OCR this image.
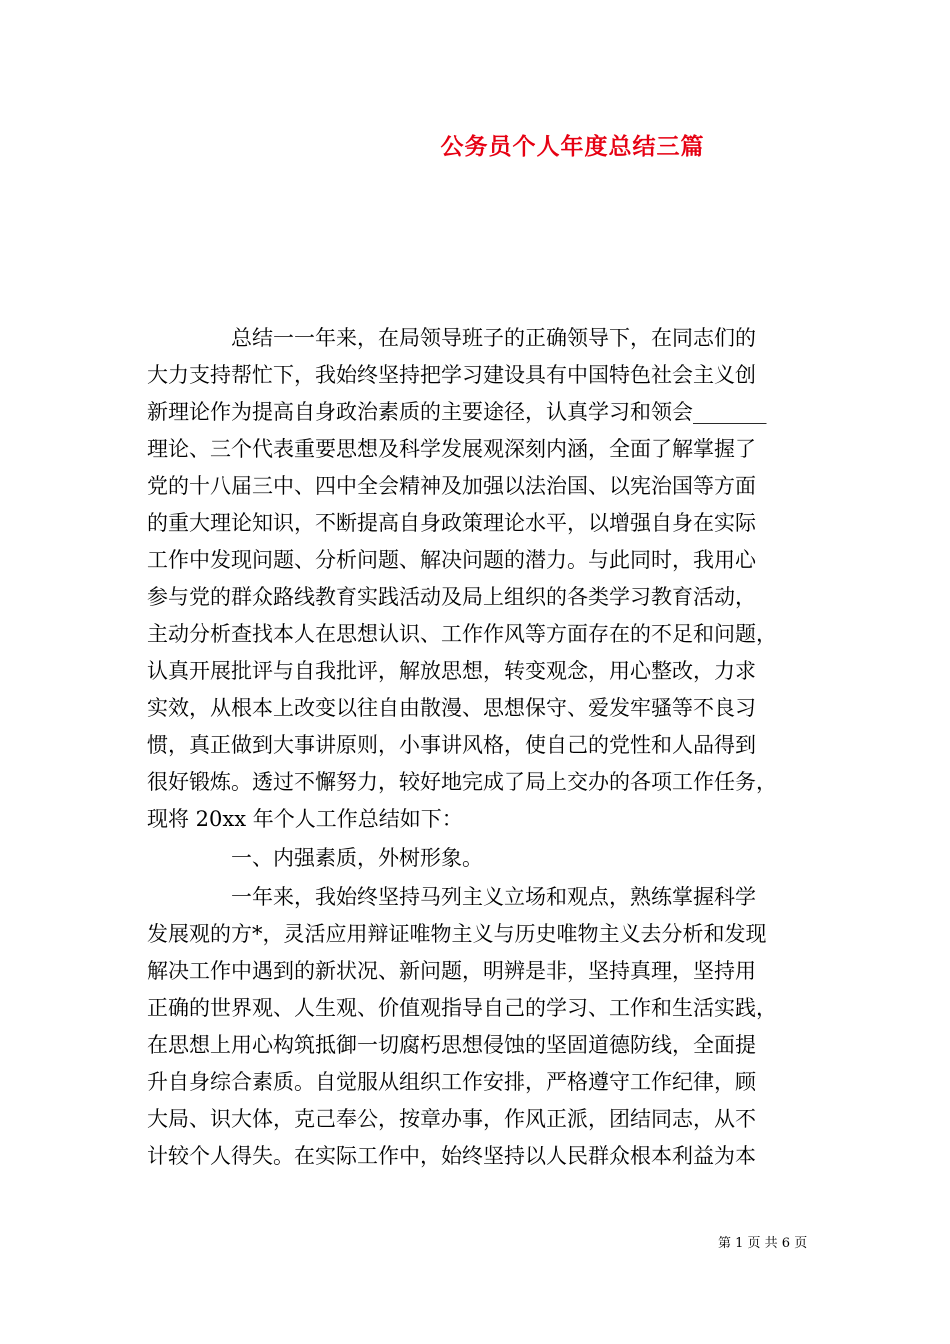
公务员个人年度总结三篇
　　　　总结一一年来，在局领导班子的正确领导下，在同志们的
大力支持帮忙下，我始终坚持把学习建设具有中国特色社会主义创
新理论作为提高自身政治素质的主要途径，认真学习和领会_______
理论、三个代表重要思想及科学发展观深刻内涵，全面了解掌握了
党的十八届三中、四中全会精神及加强以法治国、以宪治国等方面
的重大理论知识，不断提高自身政策理论水平，以增强自身在实际
工作中发现问题、分析问题、解决问题的潜力。与此同时，我用心
参与党的群众路线教育实践活动及局上组织的各类学习教育活动，
主动分析查找本人在思想认识、工作作风等方面存在的不足和问题，
认真开展批评与自我批评，解放思想，转变观念，用心整改，力求
实效，从根本上改变以往自由散漫、思想保守、爱发牢骚等不良习
惯，真正做到大事讲原则，小事讲风格，使自己的党性和人品得到
很好锻炼。透过不懈努力，较好地完成了局上交办的各项工作任务，
现将 20xx 年个人工作总结如下：
　　　　一、内强素质，外树形象。
　　　　一年来，我始终坚持马列主义立场和观点，熟练掌握科学
发展观的方*，灵活应用辩证唯物主义与历史唯物主义去分析和发现
解决工作中遇到的新状况、新问题，明辨是非，坚持真理，坚持用
正确的世界观、人生观、价值观指导自己的学习、工作和生活实践，
在思想上用心构筑抵御一切腐朽思想侵蚀的坚固道德防线，全面提
升自身综合素质。自觉服从组织工作安排，严格遵守工作纪律，顾
大局、识大体，克己奉公，按章办事，作风正派，团结同志，从不
计较个人得失。在实际工作中，始终坚持以人民群众根本利益为本
第 1 页 共 6 页
